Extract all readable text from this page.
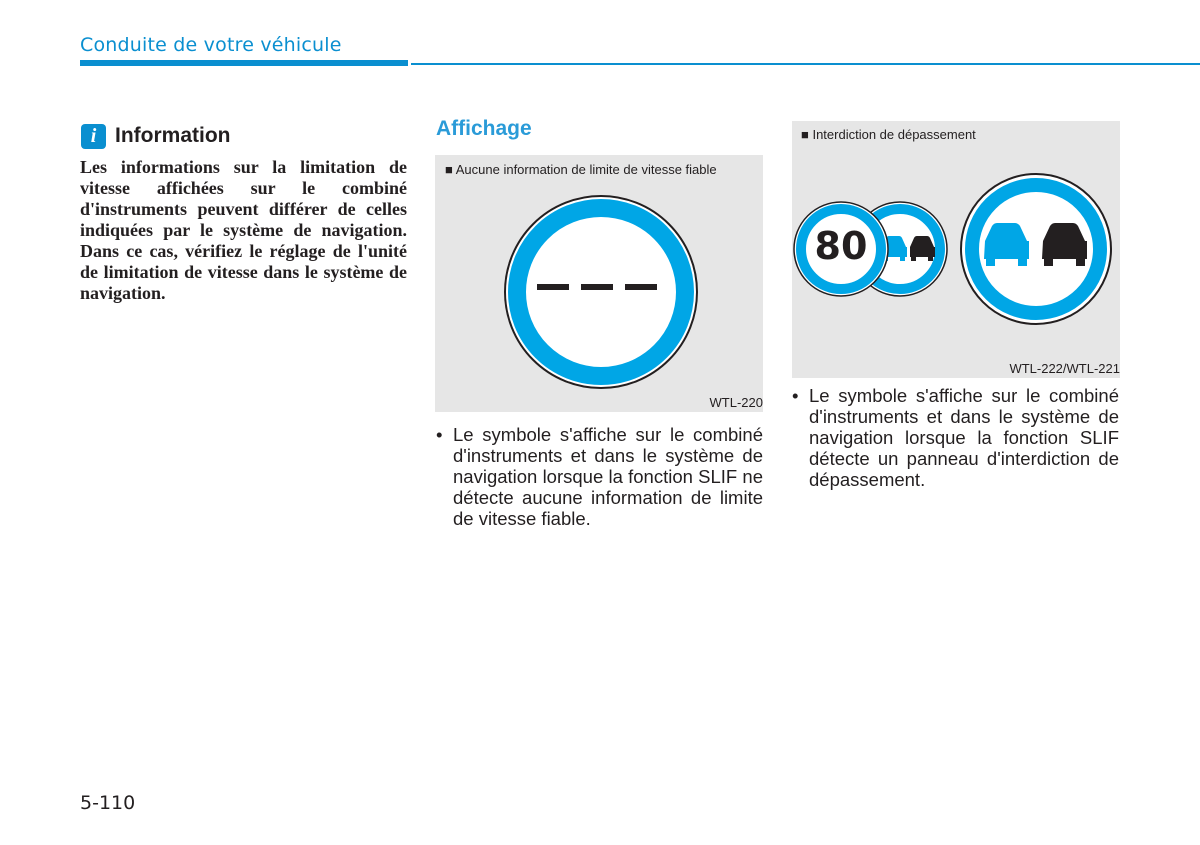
Conduite de votre véhicule
i Information
Les informations sur la limitation de vitesse affichées sur le combiné d'instruments peuvent différer de celles indiquées par le système de navigation. Dans ce cas, vérifiez le réglage de l'unité de limitation de vitesse dans le système de navigation.
Affichage
■ Aucune information de limite de vitesse fiable
WTL-220
• Le symbole s'affiche sur le combiné d'instruments et dans le système de navigation lorsque la fonction SLIF ne détecte aucune information de limite de vitesse fiable.
■ Interdiction de dépassement
80
WTL-222/WTL-221
• Le symbole s'affiche sur le combiné d'instruments et dans le système de navigation lorsque la fonction SLIF détecte un panneau d'interdiction de dépassement.
5-110
